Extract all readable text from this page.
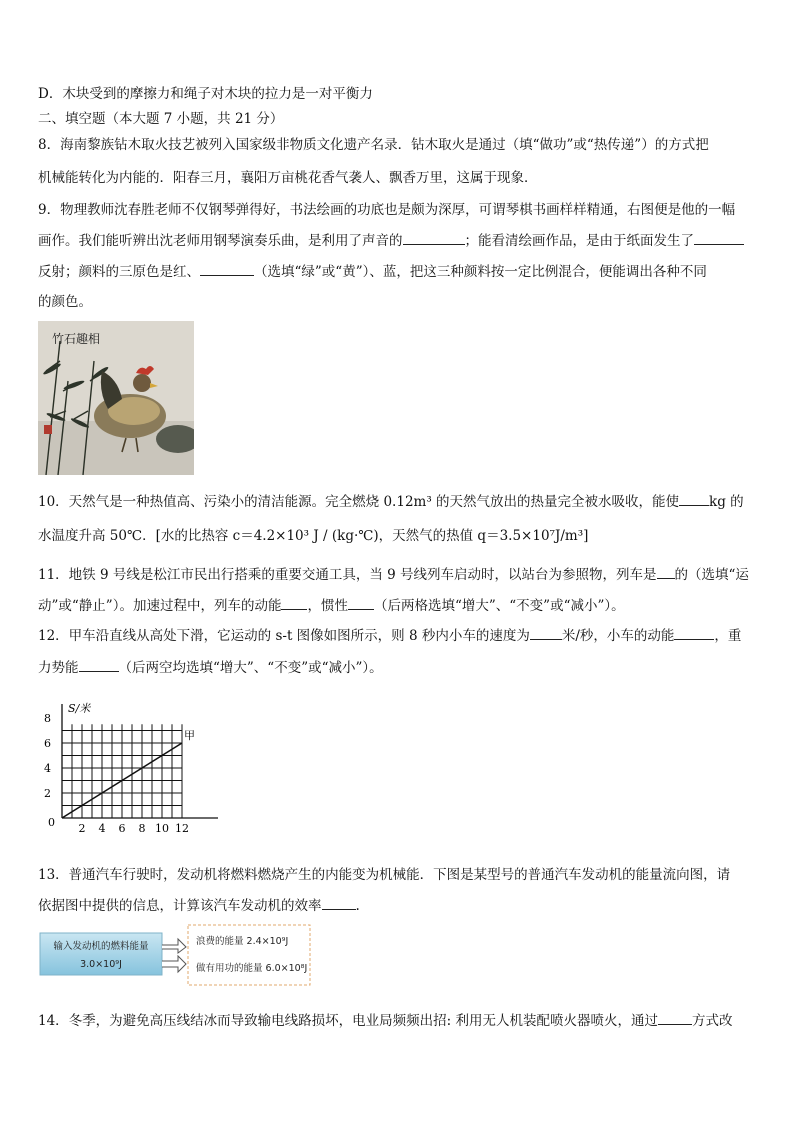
D．木块受到的摩擦力和绳子对木块的拉力是一对平衡力
二、填空题（本大题 7 小题，共 21 分）
8．海南黎族钻木取火技艺被列入国家级非物质文化遗产名录．钻木取火是通过（填“做功”或“热传递”）的方式把
机械能转化为内能的．阳春三月，襄阳万亩桃花香气袭人、飘香万里，这属于现象．
9．物理教师沈春胜老师不仅钢琴弹得好，书法绘画的功底也是颇为深厚，可谓琴棋书画样样精通，右图便是他的一幅
画作。我们能听辨出沈老师用钢琴演奏乐曲，是利用了声音的	；能看清绘画作品，是由于纸面发生了
反射；颜料的三原色是红、	（选填“绿”或“黄”）、蓝，把这三种颜料按一定比例混合，便能调出各种不同
的颜色。
竹石趣相
10．天然气是一种热值高、污染小的清洁能源。完全燃烧 0.12m³ 的天然气放出的热量完全被水吸收，能使 kg 的
水温度升高 50℃．[水的比热容 c＝4.2×10³ J / (kg·℃)，天然气的热值 q＝3.5×10⁷J/m³]
11．地铁 9 号线是松江市民出行搭乘的重要交通工具，当 9 号线列车启动时，以站台为参照物，列车是 的（选填“运
动”或“静止”）。加速过程中，列车的动能 ，惯性 （后两格选填“增大”、“不变”或“减小”）。
12．甲车沿直线从高处下滑，它运动的 s-t 图像如图所示，则 8 秒内小车的速度为 米/秒，小车的动能	，重
力势能	（后两空均选填“增大”、“不变”或“减小”）。
S/米
2
4
6
8
0 2 4 6 8 10 12
甲
13．普通汽车行驶时，发动机将燃料燃烧产生的内能变为机械能．下图是某型号的普通汽车发动机的能量流向图，请
依据图中提供的信息，计算该汽车发动机的效率	.
输入发动机的燃料能量
3.0×10⁹J
浪费的能量 2.4×10⁹J
做有用功的能量 6.0×10⁸J
14．冬季，为避免高压线结冰而导致输电线路损坏，电业局频频出招: 利用无人机装配喷火器喷火，通过	方式改
